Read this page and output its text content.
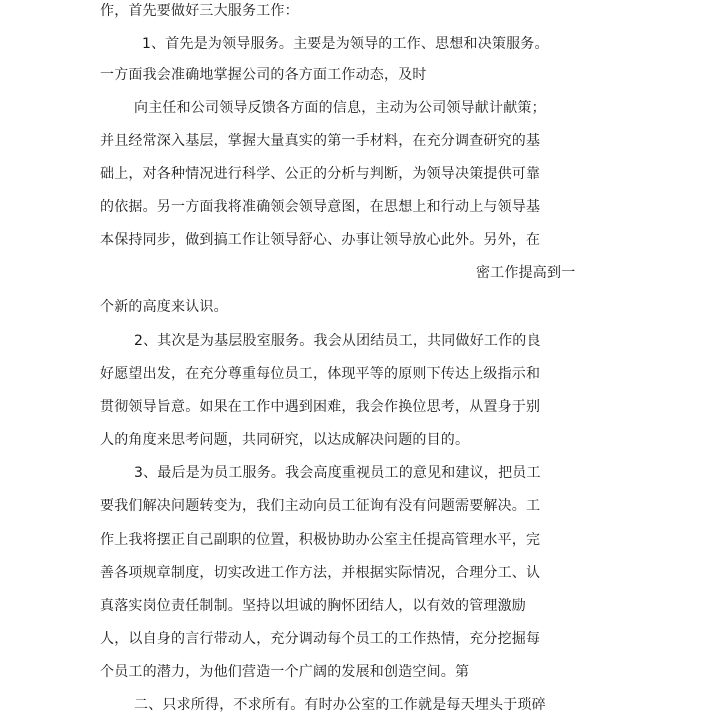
作，首先要做好三大服务工作：
1、首先是为领导服务。主要是为领导的工作、思想和决策服务。
一方面我会准确地掌握公司的各方面工作动态，及时
向主任和公司领导反馈各方面的信息，主动为公司领导献计献策；
并且经常深入基层，掌握大量真实的第一手材料，在充分调查研究的基
础上，对各种情况进行科学、公正的分析与判断，为领导决策提供可靠
的依据。另一方面我将准确领会领导意图，在思想上和行动上与领导基
本保持同步，做到搞工作让领导舒心、办事让领导放心此外。另外，在
密工作提高到一
个新的高度来认识。
2、其次是为基层股室服务。我会从团结员工，共同做好工作的良
好愿望出发，在充分尊重每位员工，体现平等的原则下传达上级指示和
贯彻领导旨意。如果在工作中遇到困难，我会作换位思考，从置身于别
人的角度来思考问题，共同研究，以达成解决问题的目的。
3、最后是为员工服务。我会高度重视员工的意见和建议，把员工
要我们解决问题转变为，我们主动向员工征询有没有问题需要解决。工
作上我将摆正自己副职的位置，积极协助办公室主任提高管理水平，完
善各项规章制度，切实改进工作方法，并根据实际情况，合理分工、认
真落实岗位责任制制。坚持以坦诚的胸怀团结人，以有效的管理激励
人，以自身的言行带动人，充分调动每个员工的工作热情，充分挖掘每
个员工的潜力，为他们营造一个广阔的发展和创造空间。第
二、只求所得，不求所有。有时办公室的工作就是每天埋头于琐碎
